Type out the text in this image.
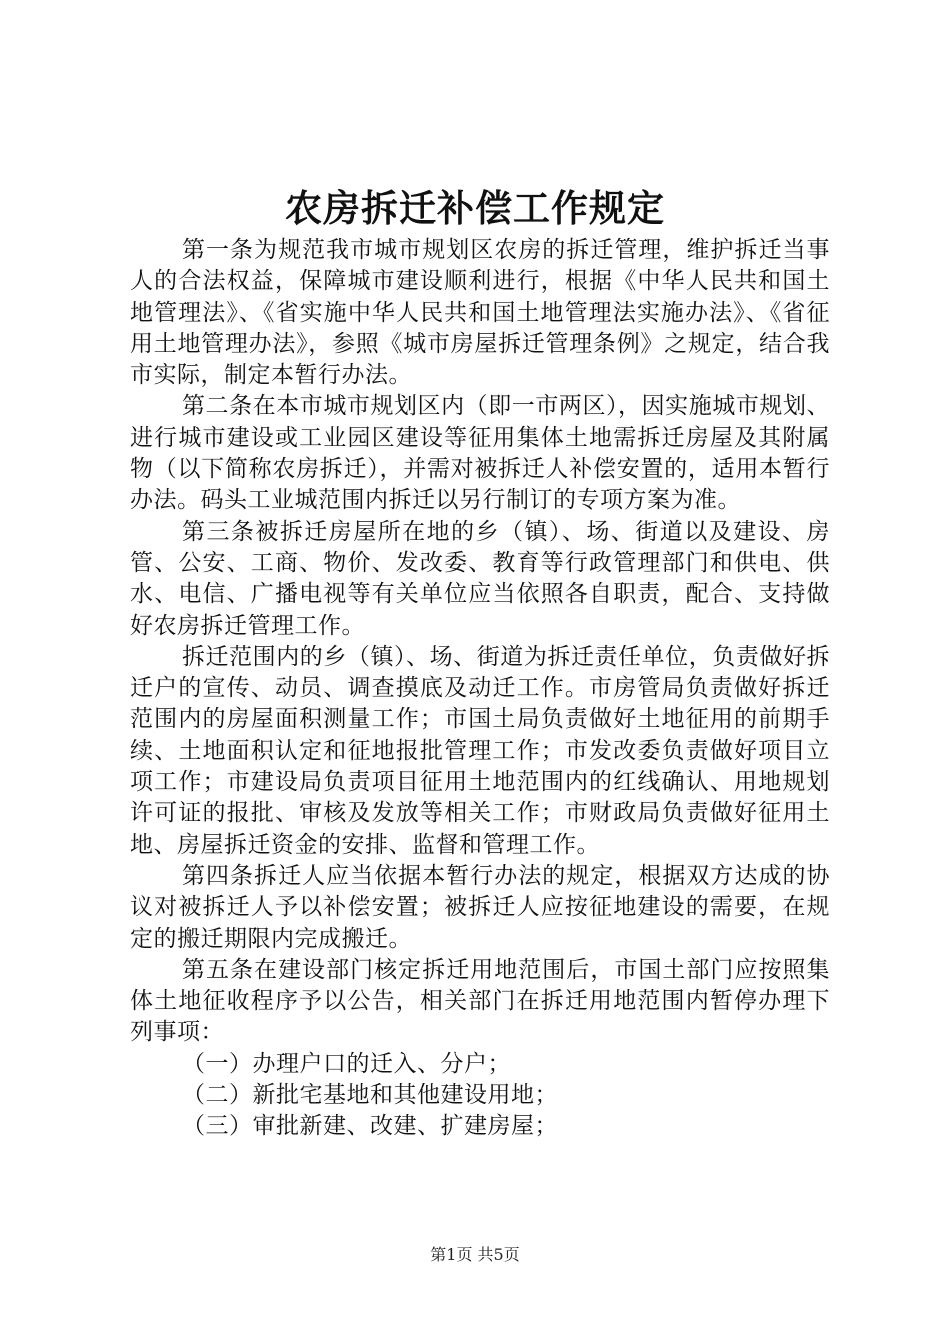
农房拆迁补偿工作规定

第一条为规范我市城市规划区农房的拆迁管理，维护拆迁当事人的合法权益，保障城市建设顺利进行，根据《中华人民共和国土地管理法》、《省实施中华人民共和国土地管理法实施办法》、《省征用土地管理办法》，参照《城市房屋拆迁管理条例》之规定，结合我市实际，制定本暂行办法。

第二条在本市城市规划区内（即一市两区），因实施城市规划、进行城市建设或工业园区建设等征用集体土地需拆迁房屋及其附属物（以下简称农房拆迁），并需对被拆迁人补偿安置的，适用本暂行办法。码头工业城范围内拆迁以另行制订的专项方案为准。

第三条被拆迁房屋所在地的乡（镇）、场、街道以及建设、房管、公安、工商、物价、发改委、教育等行政管理部门和供电、供水、电信、广播电视等有关单位应当依照各自职责，配合、支持做好农房拆迁管理工作。

拆迁范围内的乡（镇）、场、街道为拆迁责任单位，负责做好拆迁户的宣传、动员、调查摸底及动迁工作。市房管局负责做好拆迁范围内的房屋面积测量工作；市国土局负责做好土地征用的前期手续、土地面积认定和征地报批管理工作；市发改委负责做好项目立项工作；市建设局负责项目征用土地范围内的红线确认、用地规划许可证的报批、审核及发放等相关工作；市财政局负责做好征用土地、房屋拆迁资金的安排、监督和管理工作。

第四条拆迁人应当依据本暂行办法的规定，根据双方达成的协议对被拆迁人予以补偿安置；被拆迁人应按征地建设的需要，在规定的搬迁期限内完成搬迁。

第五条在建设部门核定拆迁用地范围后，市国土部门应按照集体土地征收程序予以公告，相关部门在拆迁用地范围内暂停办理下列事项：

（一）办理户口的迁入、分户；

（二）新批宅基地和其他建设用地；

（三）审批新建、改建、扩建房屋；

第1页 共5页
